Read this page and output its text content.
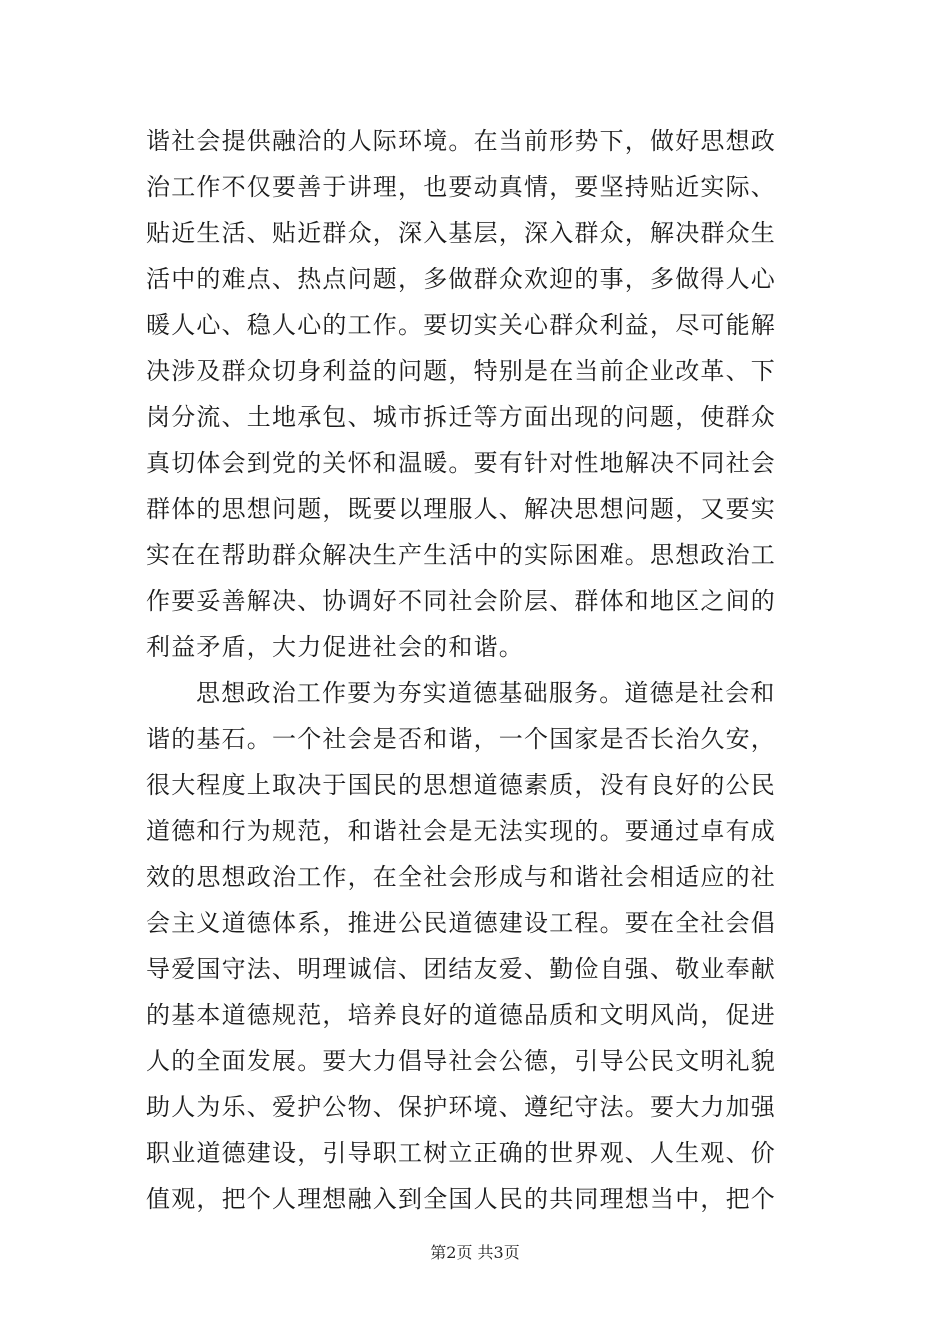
谐社会提供融洽的人际环境。在当前形势下，做好思想政
治工作不仅要善于讲理，也要动真情，要坚持贴近实际、
贴近生活、贴近群众，深入基层，深入群众，解决群众生
活中的难点、热点问题，多做群众欢迎的事，多做得人心
暖人心、稳人心的工作。要切实关心群众利益，尽可能解
决涉及群众切身利益的问题，特别是在当前企业改革、下
岗分流、土地承包、城市拆迁等方面出现的问题，使群众
真切体会到党的关怀和温暖。要有针对性地解决不同社会
群体的思想问题，既要以理服人、解决思想问题，又要实
实在在帮助群众解决生产生活中的实际困难。思想政治工
作要妥善解决、协调好不同社会阶层、群体和地区之间的
利益矛盾，大力促进社会的和谐。
思想政治工作要为夯实道德基础服务。道德是社会和
谐的基石。一个社会是否和谐，一个国家是否长治久安，
很大程度上取决于国民的思想道德素质，没有良好的公民
道德和行为规范，和谐社会是无法实现的。要通过卓有成
效的思想政治工作，在全社会形成与和谐社会相适应的社
会主义道德体系，推进公民道德建设工程。要在全社会倡
导爱国守法、明理诚信、团结友爱、勤俭自强、敬业奉献
的基本道德规范，培养良好的道德品质和文明风尚，促进
人的全面发展。要大力倡导社会公德，引导公民文明礼貌
助人为乐、爱护公物、保护环境、遵纪守法。要大力加强
职业道德建设，引导职工树立正确的世界观、人生观、价
值观，把个人理想融入到全国人民的共同理想当中，把个
第2页 共3页
